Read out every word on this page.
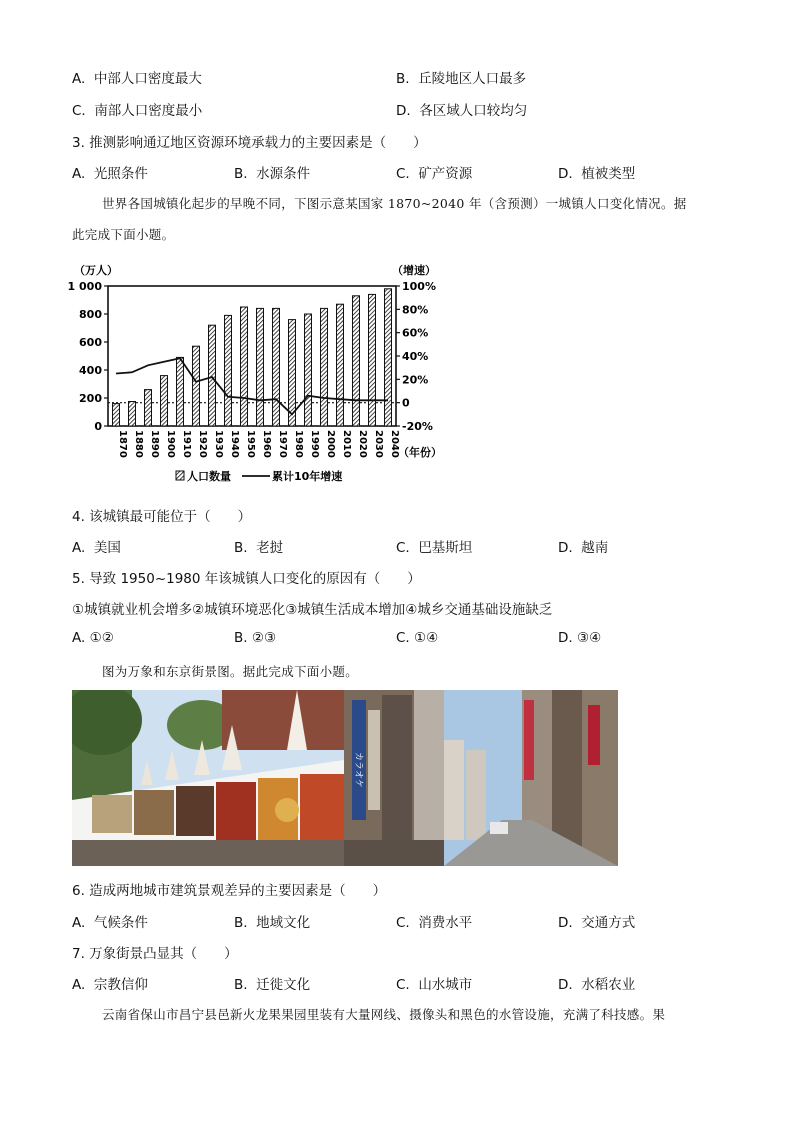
A. 中部人口密度最大	B. 丘陵地区人口最多
C. 南部人口密度最小	D. 各区域人口较均匀
3. 推测影响通辽地区资源环境承载力的主要因素是（　　）
A. 光照条件	B. 水源条件	C. 矿产资源	D. 植被类型
世界各国城镇化起步的早晚不同，下图示意某国家 1870~2040 年（含预测）一城镇人口变化情况。据
此完成下面小题。
1 000
800
600
400
200
0
100%
80%
60%
40%
20%
0
-20%
（万人）	（增速）
1870 1880 1890 1900 1910 1920 1930 1940 1950 1960 1970 1980 1990 2000 2010 2020 2030 2040
（年份）
人口数量	累计10年增速
4. 该城镇最可能位于（　　）
A. 美国	B. 老挝	C. 巴基斯坦	D. 越南
5. 导致 1950~1980 年该城镇人口变化的原因有（　　）
①城镇就业机会增多②城镇环境恶化③城镇生活成本增加④城乡交通基础设施缺乏
A. ①②	B. ②③	C. ①④	D. ③④
图为万象和东京街景图。据此完成下面小题。
カラオケ
6. 造成两地城市建筑景观差异的主要因素是（　　）
A. 气候条件	B. 地域文化	C. 消费水平	D. 交通方式
7. 万象街景凸显其（　　）
A. 宗教信仰	B. 迁徙文化	C. 山水城市	D. 水稻农业
云南省保山市昌宁县邑新火龙果果园里装有大量网线、摄像头和黑色的水管设施，充满了科技感。果
